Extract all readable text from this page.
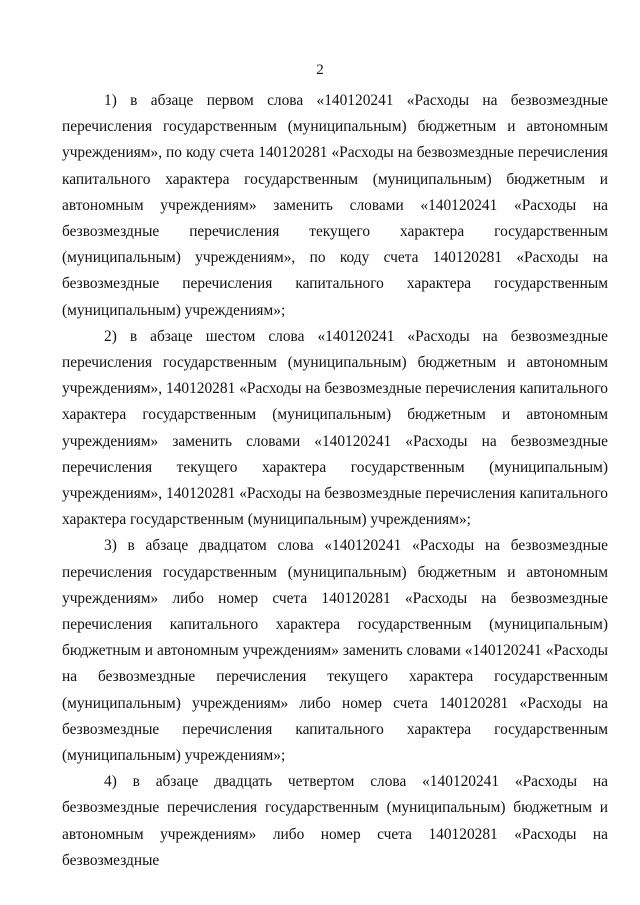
2

1) в абзаце первом слова «140120241 «Расходы на безвозмездные перечисления государственным (муниципальным) бюджетным и автономным учреждениям», по коду счета 140120281 «Расходы на безвозмездные перечисления капитального характера государственным (муниципальным) бюджетным и автономным учреждениям» заменить словами «140120241 «Расходы на безвозмездные перечисления текущего характера государственным (муниципальным) учреждениям», по коду счета 140120281 «Расходы на безвозмездные перечисления капитального характера государственным (муниципальным) учреждениям»;

2) в абзаце шестом слова «140120241 «Расходы на безвозмездные перечисления государственным (муниципальным) бюджетным и автономным учреждениям», 140120281 «Расходы на безвозмездные перечисления капитального характера государственным (муниципальным) бюджетным и автономным учреждениям» заменить словами «140120241 «Расходы на безвозмездные перечисления текущего характера государственным (муниципальным) учреждениям», 140120281 «Расходы на безвозмездные перечисления капитального характера государственным (муниципальным) учреждениям»;

3) в абзаце двадцатом слова «140120241 «Расходы на безвозмездные перечисления государственным (муниципальным) бюджетным и автономным учреждениям» либо номер счета 140120281 «Расходы на безвозмездные перечисления капитального характера государственным (муниципальным) бюджетным и автономным учреждениям» заменить словами «140120241 «Расходы на безвозмездные перечисления текущего характера государственным (муниципальным) учреждениям» либо номер счета 140120281 «Расходы на безвозмездные перечисления капитального характера государственным (муниципальным) учреждениям»;

4) в абзаце двадцать четвертом слова «140120241 «Расходы на безвозмездные перечисления государственным (муниципальным) бюджетным и автономным учреждениям» либо номер счета 140120281 «Расходы на безвозмездные
